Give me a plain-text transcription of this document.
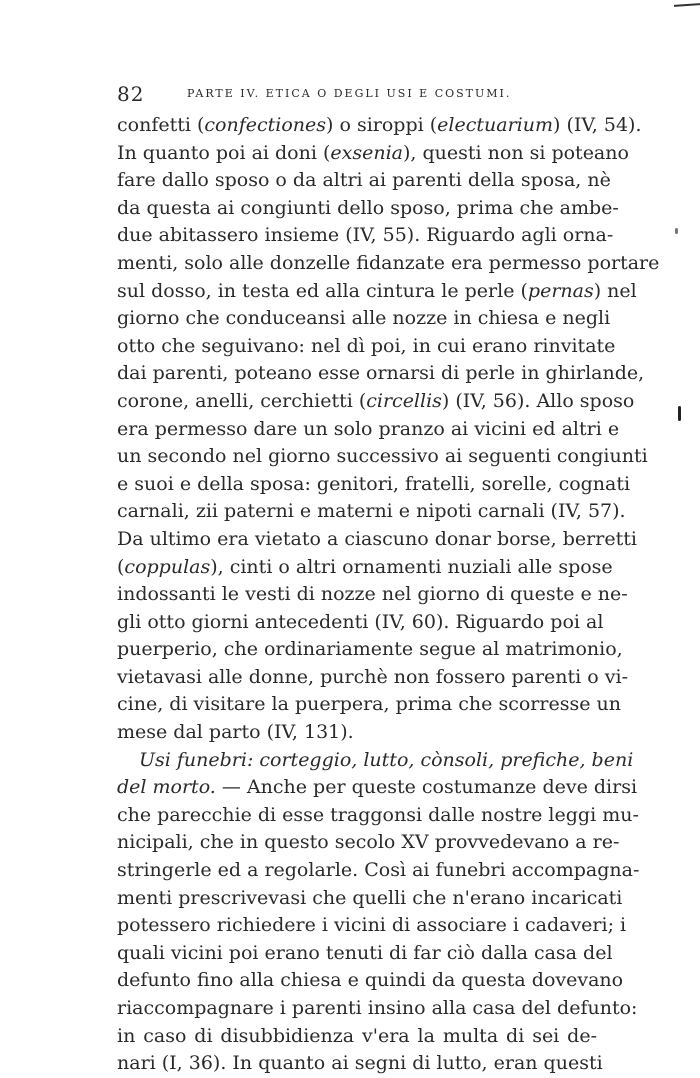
82	PARTE IV. ETICA O DEGLI USI E COSTUMI.
confetti (confectiones) o siroppi (electuarium) (IV, 54).
In quanto poi ai doni (exsenia), questi non si poteano
fare dallo sposo o da altri ai parenti della sposa, nè
da questa ai congiunti dello sposo, prima che ambe-
due abitassero insieme (IV, 55). Riguardo agli orna-
menti, solo alle donzelle fidanzate era permesso portare
sul dosso, in testa ed alla cintura le perle (pernas) nel
giorno che conduceansi alle nozze in chiesa e negli
otto che seguivano: nel dì poi, in cui erano rinvitate
dai parenti, poteano esse ornarsi di perle in ghirlande,
corone, anelli, cerchietti (circellis) (IV, 56). Allo sposo
era permesso dare un solo pranzo ai vicini ed altri e
un secondo nel giorno successivo ai seguenti congiunti
e suoi e della sposa: genitori, fratelli, sorelle, cognati
carnali, zii paterni e materni e nipoti carnali (IV, 57).
Da ultimo era vietato a ciascuno donar borse, berretti
(coppulas), cinti o altri ornamenti nuziali alle spose
indossanti le vesti di nozze nel giorno di queste e ne-
gli otto giorni antecedenti (IV, 60). Riguardo poi al
puerperio, che ordinariamente segue al matrimonio,
vietavasi alle donne, purchè non fossero parenti o vi-
cine, di visitare la puerpera, prima che scorresse un
mese dal parto (IV, 131).
Usi funebri: corteggio, lutto, cònsoli, prefiche, beni
del morto. — Anche per queste costumanze deve dirsi
che parecchie di esse traggonsi dalle nostre leggi mu-
nicipali, che in questo secolo XV provvedevano a re-
stringerle ed a regolarle. Così ai funebri accompagna-
menti prescrivevasi che quelli che n'erano incaricati
potessero richiedere i vicini di associare i cadaveri; i
quali vicini poi erano tenuti di far ciò dalla casa del
defunto fino alla chiesa e quindi da questa dovevano
riaccompagnare i parenti insino alla casa del defunto:
in caso di disubbidienza v'era la multa di sei de-
nari (I, 36). In quanto ai segni di lutto, eran questi
